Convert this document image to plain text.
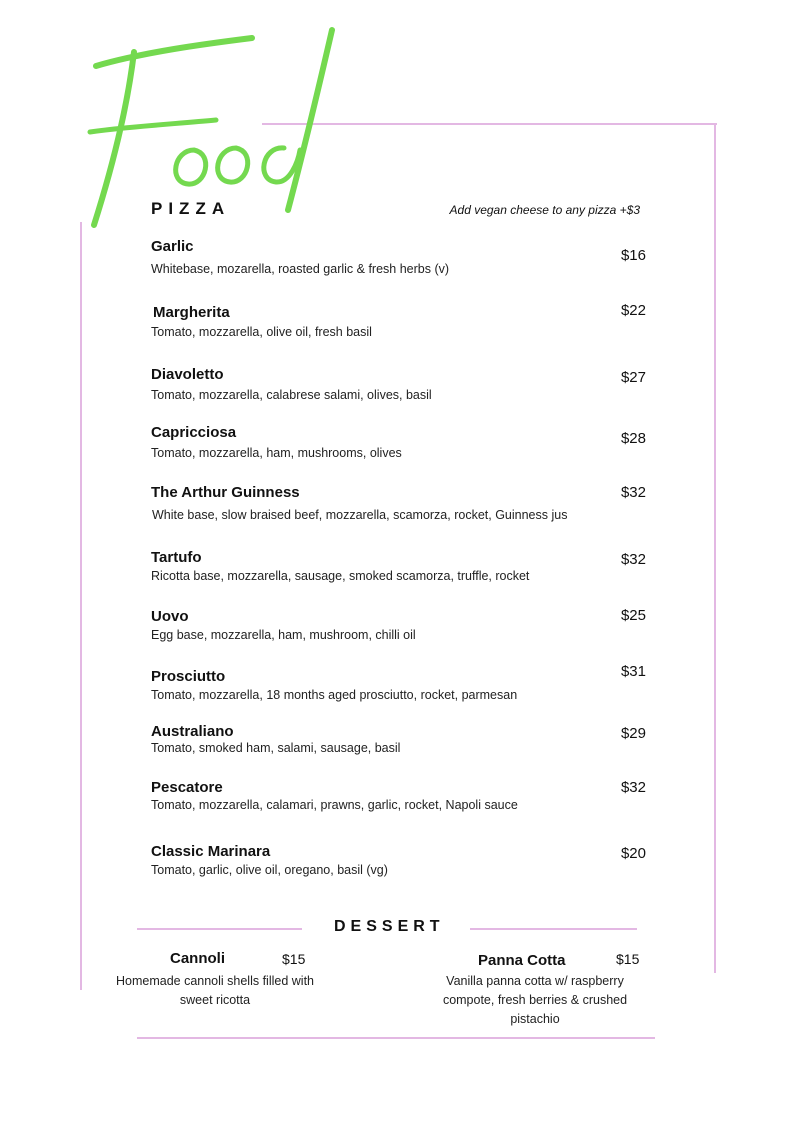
PIZZA	Add vegan cheese to any pizza +$3
Garlic
Whitebase, mozarella, roasted garlic & fresh herbs (v)
$16
Margherita
Tomato, mozzarella, olive oil, fresh basil
$22
Diavoletto
Tomato, mozzarella, calabrese salami, olives, basil
$27
Capricciosa
Tomato, mozzarella, ham, mushrooms, olives
$28
The Arthur Guinness
White base, slow braised beef, mozzarella, scamorza, rocket, Guinness jus
$32
Tartufo
Ricotta base, mozzarella, sausage, smoked scamorza, truffle, rocket
$32
Uovo
Egg base, mozzarella, ham, mushroom, chilli oil
$25
Prosciutto
Tomato, mozzarella, 18 months aged prosciutto, rocket, parmesan
$31
Australiano
Tomato, smoked ham, salami, sausage, basil
$29
Pescatore
Tomato, mozzarella, calamari, prawns, garlic, rocket, Napoli sauce
$32
Classic Marinara
Tomato, garlic, olive oil, oregano, basil (vg)
$20
DESSERT
Cannoli	$15
Homemade cannoli shells filled with
sweet ricotta
Panna Cotta	$15
Vanilla panna cotta w/ raspberry
compote, fresh berries & crushed
pistachio
